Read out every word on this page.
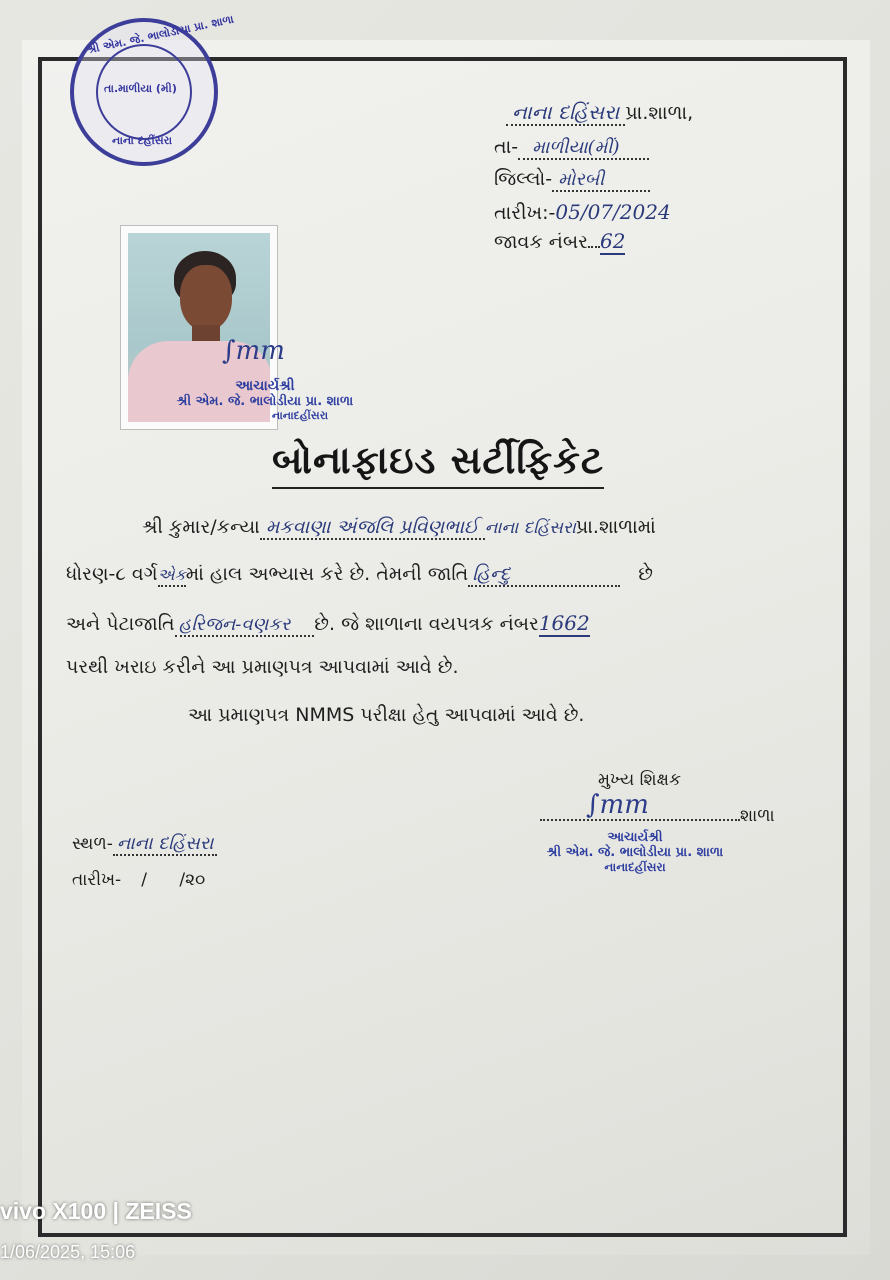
શ્રી એમ. જે. ભાલોડીયા પ્રા. શાળા
તા.માળીયા (મી)
નાના દહીંસરા
નાના દહિંસરા પ્રા.શાળા,
તા- માળીયા(મીં)
જિલ્લો- મોરબી
તારીખ:-05/07/2024
જાવક નંબર 62
∫mm
આચાર્યશ્રી
શ્રી એમ. જે. ભાલોડીયા પ્રા. શાળા
નાનાદહીંસરા
બોનાફાઇડ સર્ટીફિકેટ
શ્રી કુમાર/કન્યા મકવાણા અંજલિ પ્રવિણભાઈ નાના દહિંસરાપ્રા.શાળામાં
ધોરણ-૮ વર્ગએકમાં હાલ અભ્યાસ કરે છે. તેમની જાતિ હિન્દુ	છે
અને પેટાજાતિ હરિજન-વણકર છે. જે શાળાના વયપત્રક નંબર1662
પરથી ખરાઇ કરીને આ પ્રમાણપત્ર આપવામાં આવે છે.
આ પ્રમાણપત્ર NMMS પરીક્ષા હેતુ આપવામાં આવે છે.
મુખ્ય શિક્ષક
શાળા
∫mm
આચાર્યશ્રી
શ્રી એમ. જે. ભાલોડીયા પ્રા. શાળા
નાનાદહીંસરા
સ્થળ- નાના દહિંસરા
તારીખ- /      /૨૦
vivo X100 | ZEISS
1/06/2025, 15:06
